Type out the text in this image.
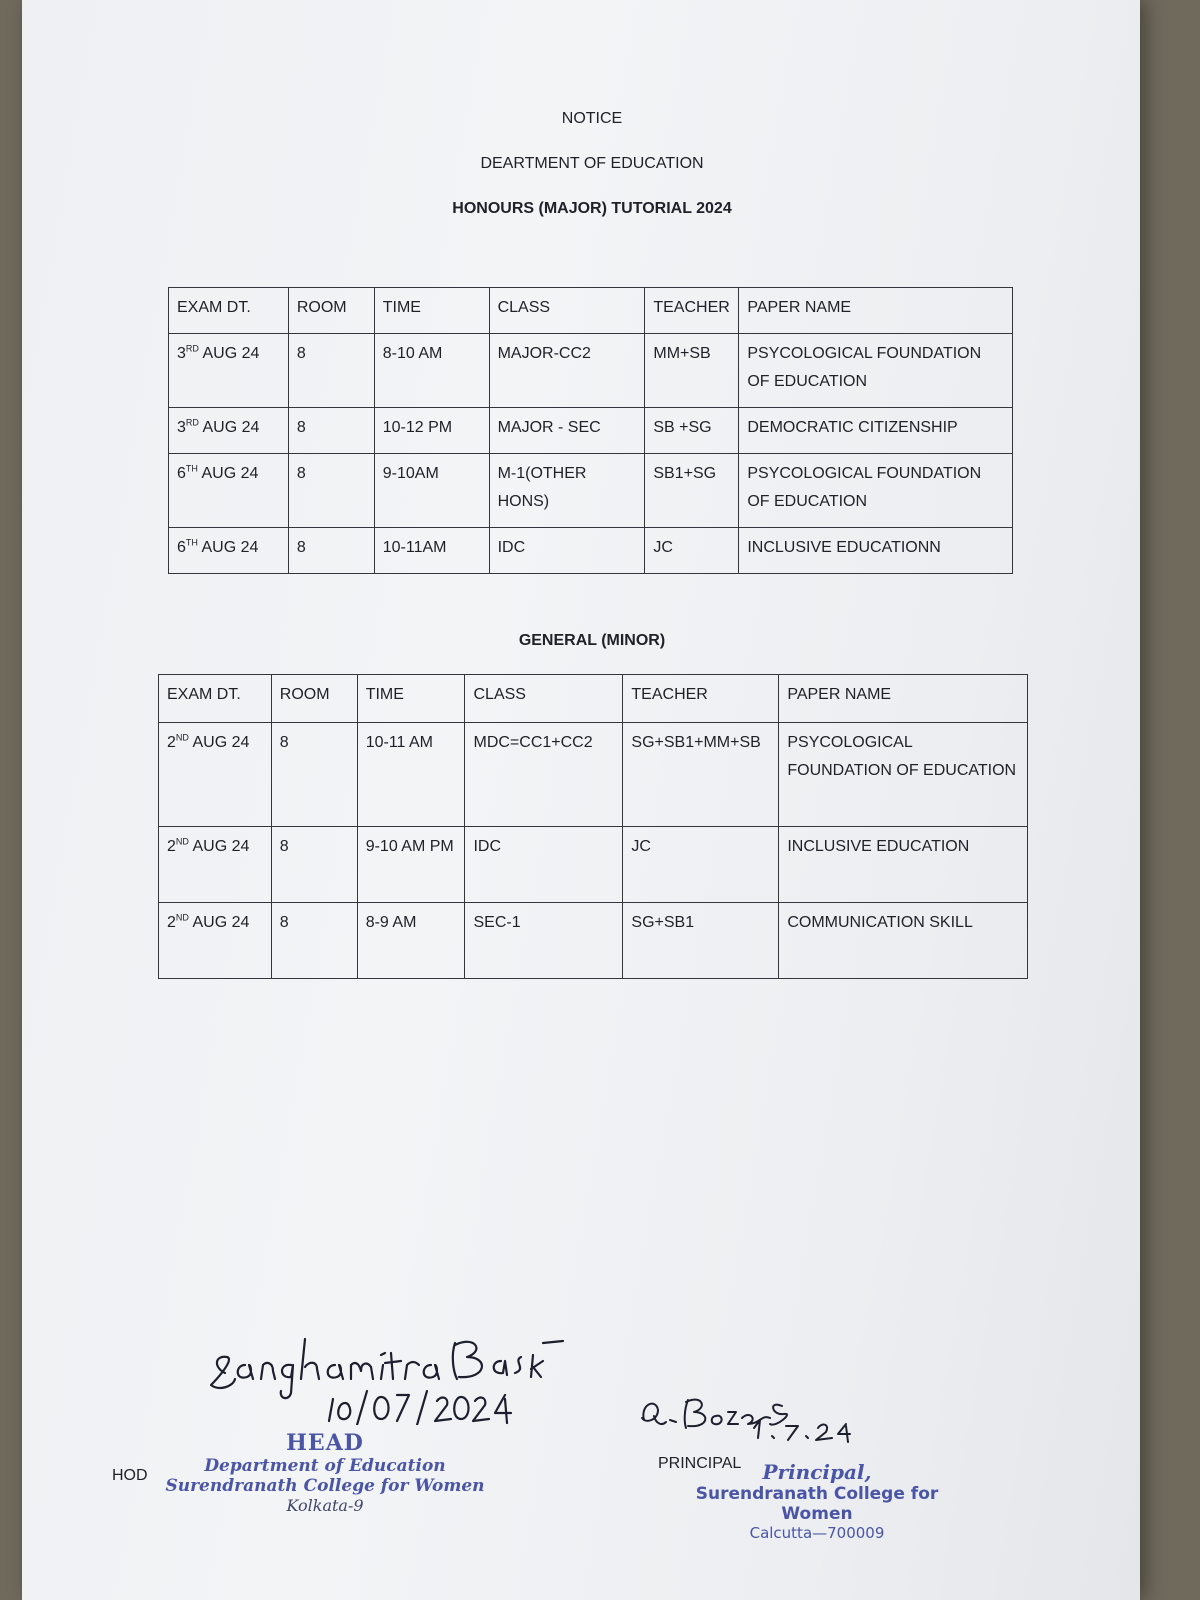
NOTICE
DEARTMENT OF EDUCATION
HONOURS (MAJOR) TUTORIAL 2024
EXAM DT.	ROOM	TIME	CLASS	TEACHER	PAPER NAME
3RD AUG 24	8	8-10 AM	MAJOR-CC2	MM+SB	PSYCOLOGICAL FOUNDATION OF EDUCATION
3RD AUG 24	8	10-12 PM	MAJOR - SEC	SB +SG	DEMOCRATIC CITIZENSHIP
6TH AUG 24	8	9-10AM	M-1(OTHER HONS)	SB1+SG	PSYCOLOGICAL FOUNDATION OF EDUCATION
6TH AUG 24	8	10-11AM	IDC	JC	INCLUSIVE EDUCATIONN
GENERAL (MINOR)
EXAM DT.	ROOM	TIME	CLASS	TEACHER	PAPER NAME
2ND AUG 24	8	10-11 AM	MDC=CC1+CC2	SG+SB1+MM+SB	PSYCOLOGICAL FOUNDATION OF EDUCATION
2ND AUG 24	8	9-10 AM PM	IDC	JC	INCLUSIVE EDUCATION
2ND AUG 24	8	8-9 AM	SEC-1	SG+SB1	COMMUNICATION SKILL
HEAD
Department of Education
Surendranath College for Women
Kolkata-9
HOD
PRINCIPAL	Principal,
Surendranath College for Women
Calcutta—700009
